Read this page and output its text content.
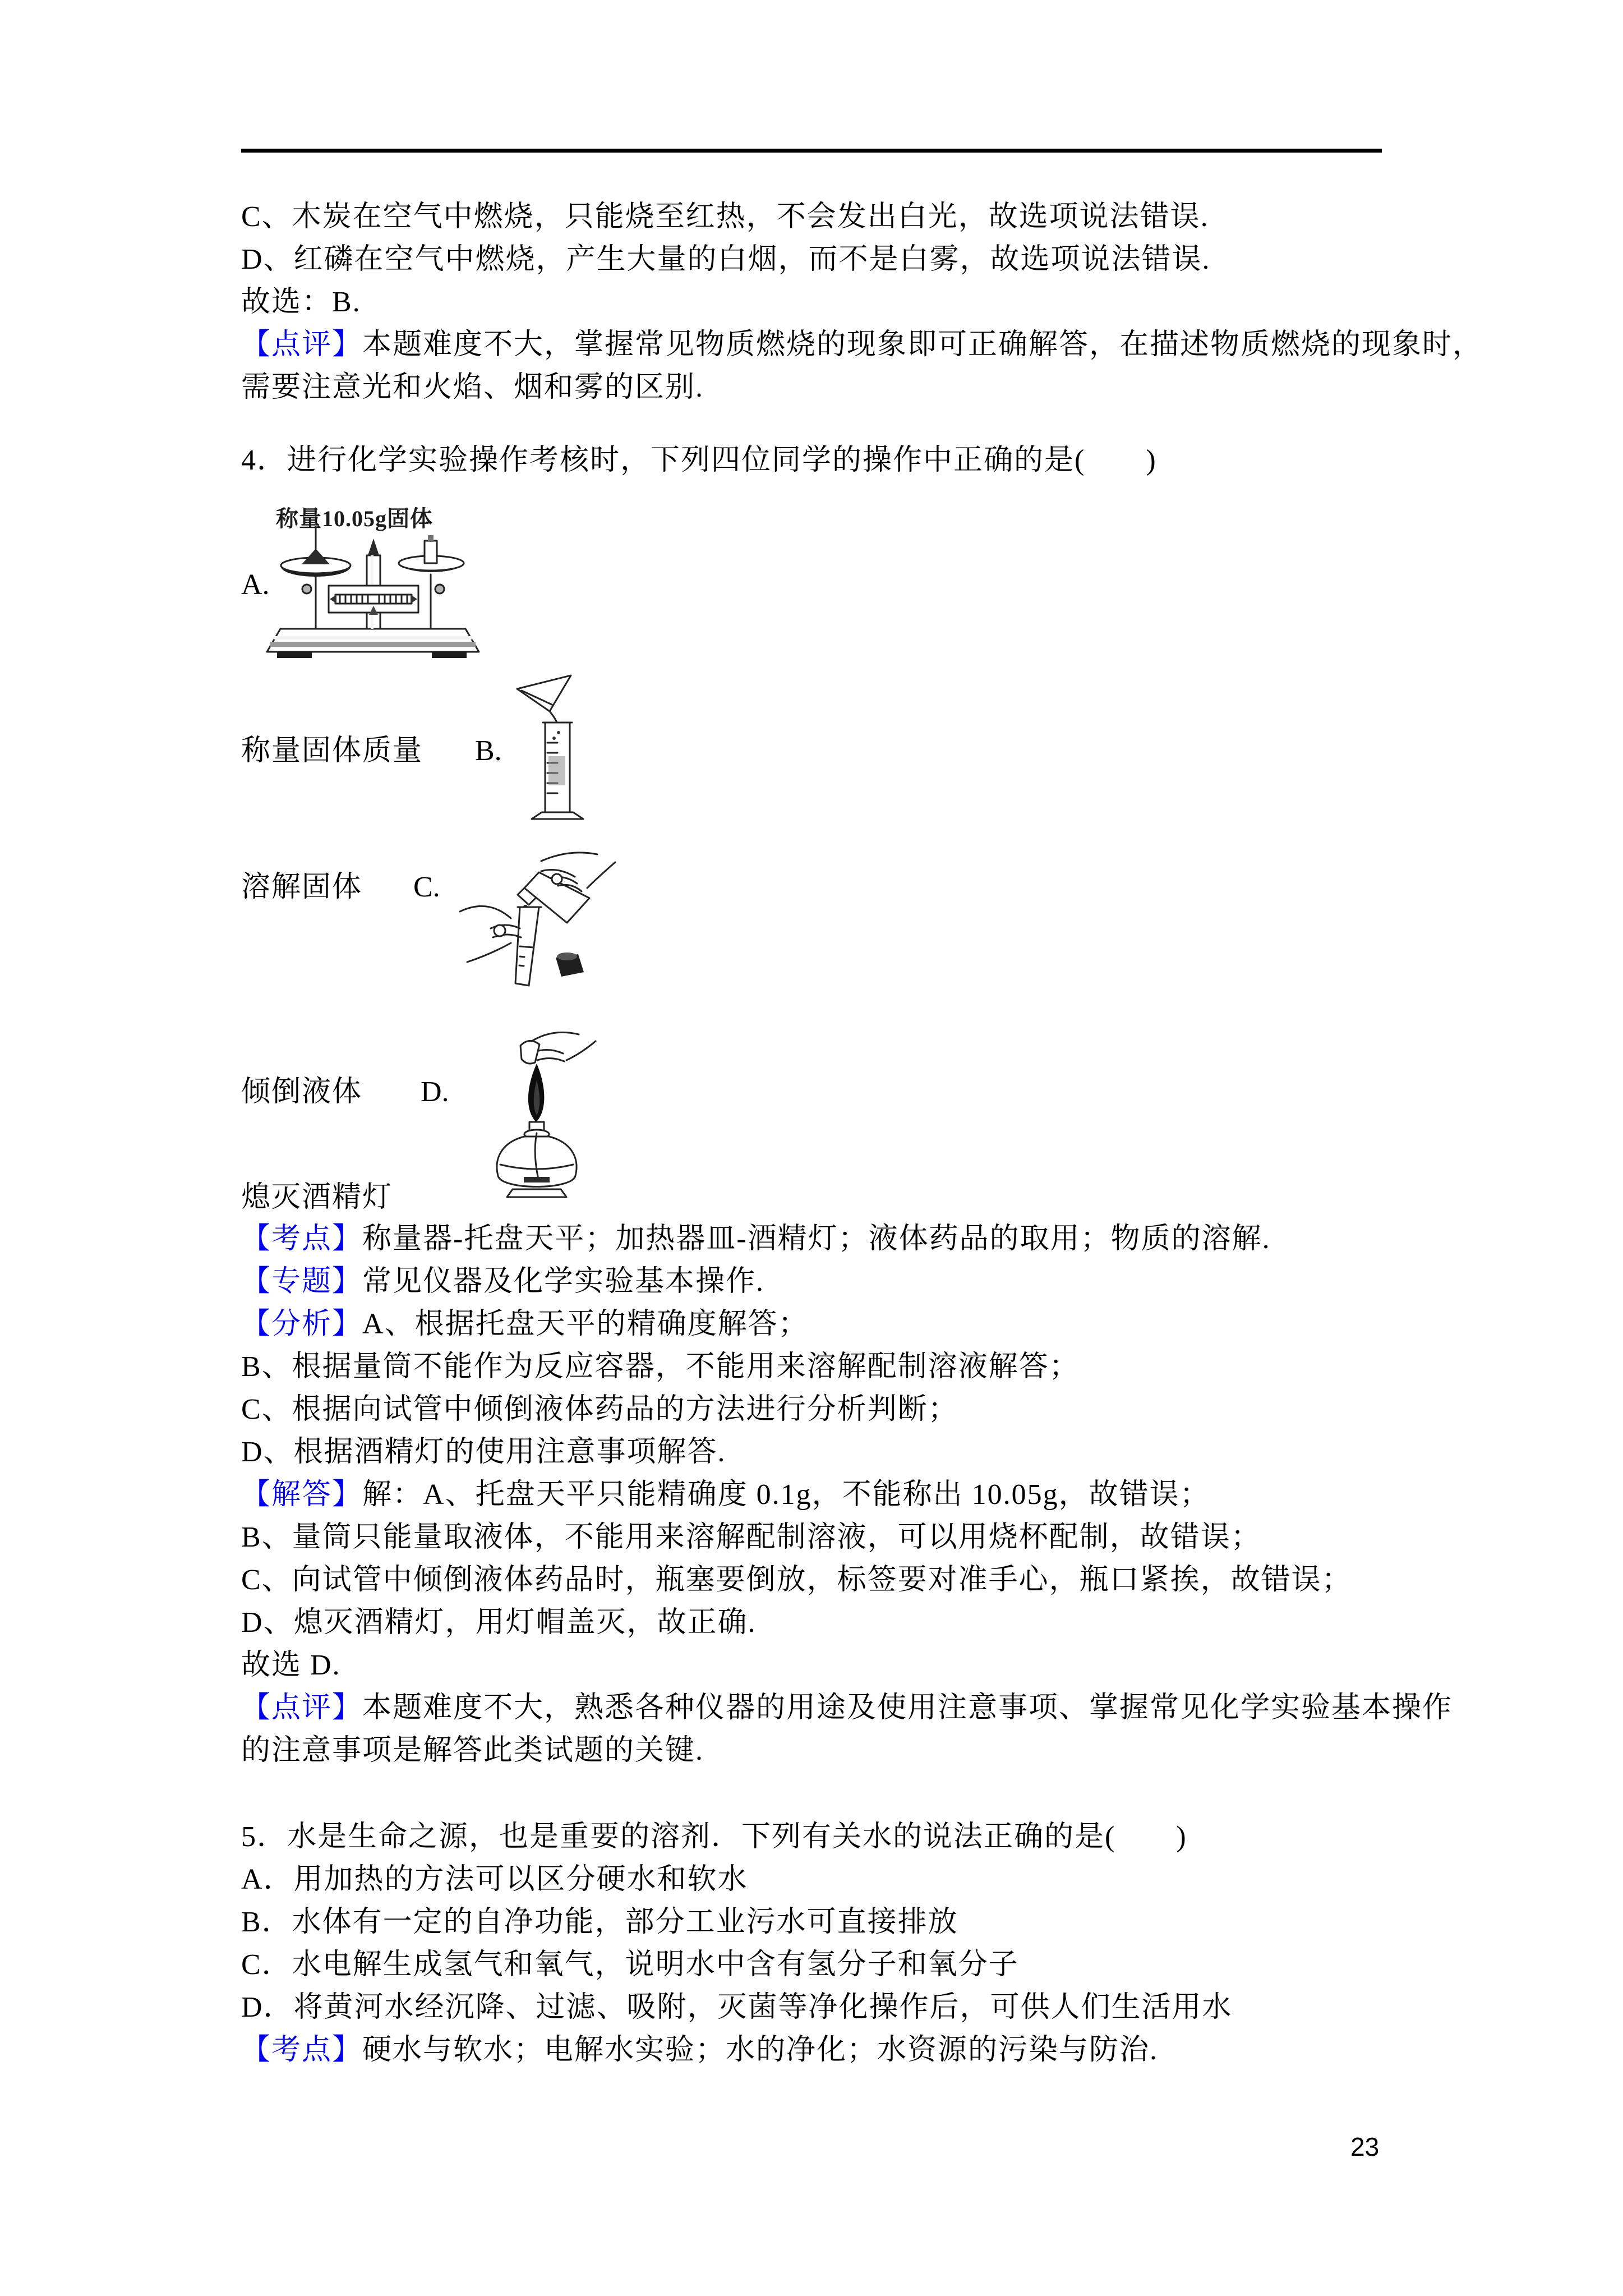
C、木炭在空气中燃烧，只能烧至红热，不会发出白光，故选项说法错误.
D、红磷在空气中燃烧，产生大量的白烟，而不是白雾，故选项说法错误.
故选：B.
【点评】本题难度不大，掌握常见物质燃烧的现象即可正确解答，在描述物质燃烧的现象时，
需要注意光和火焰、烟和雾的区别.
4．进行化学实验操作考核时，下列四位同学的操作中正确的是(　　)
称量10.05g固体
A.
称量固体质量 B.
溶解固体 C.
倾倒液体 D.
熄灭酒精灯
【考点】称量器-托盘天平；加热器皿-酒精灯；液体药品的取用；物质的溶解.
【专题】常见仪器及化学实验基本操作.
【分析】A、根据托盘天平的精确度解答；
B、根据量筒不能作为反应容器，不能用来溶解配制溶液解答；
C、根据向试管中倾倒液体药品的方法进行分析判断；
D、根据酒精灯的使用注意事项解答.
【解答】解：A、托盘天平只能精确度 0.1g，不能称出 10.05g，故错误；
B、量筒只能量取液体，不能用来溶解配制溶液，可以用烧杯配制，故错误；
C、向试管中倾倒液体药品时，瓶塞要倒放，标签要对准手心，瓶口紧挨，故错误；
D、熄灭酒精灯，用灯帽盖灭，故正确.
故选 D.
【点评】本题难度不大，熟悉各种仪器的用途及使用注意事项、掌握常见化学实验基本操作
的注意事项是解答此类试题的关键.
5．水是生命之源，也是重要的溶剂．下列有关水的说法正确的是(　　)
A．用加热的方法可以区分硬水和软水
B．水体有一定的自净功能，部分工业污水可直接排放
C．水电解生成氢气和氧气，说明水中含有氢分子和氧分子
D．将黄河水经沉降、过滤、吸附，灭菌等净化操作后，可供人们生活用水
【考点】硬水与软水；电解水实验；水的净化；水资源的污染与防治.
23
